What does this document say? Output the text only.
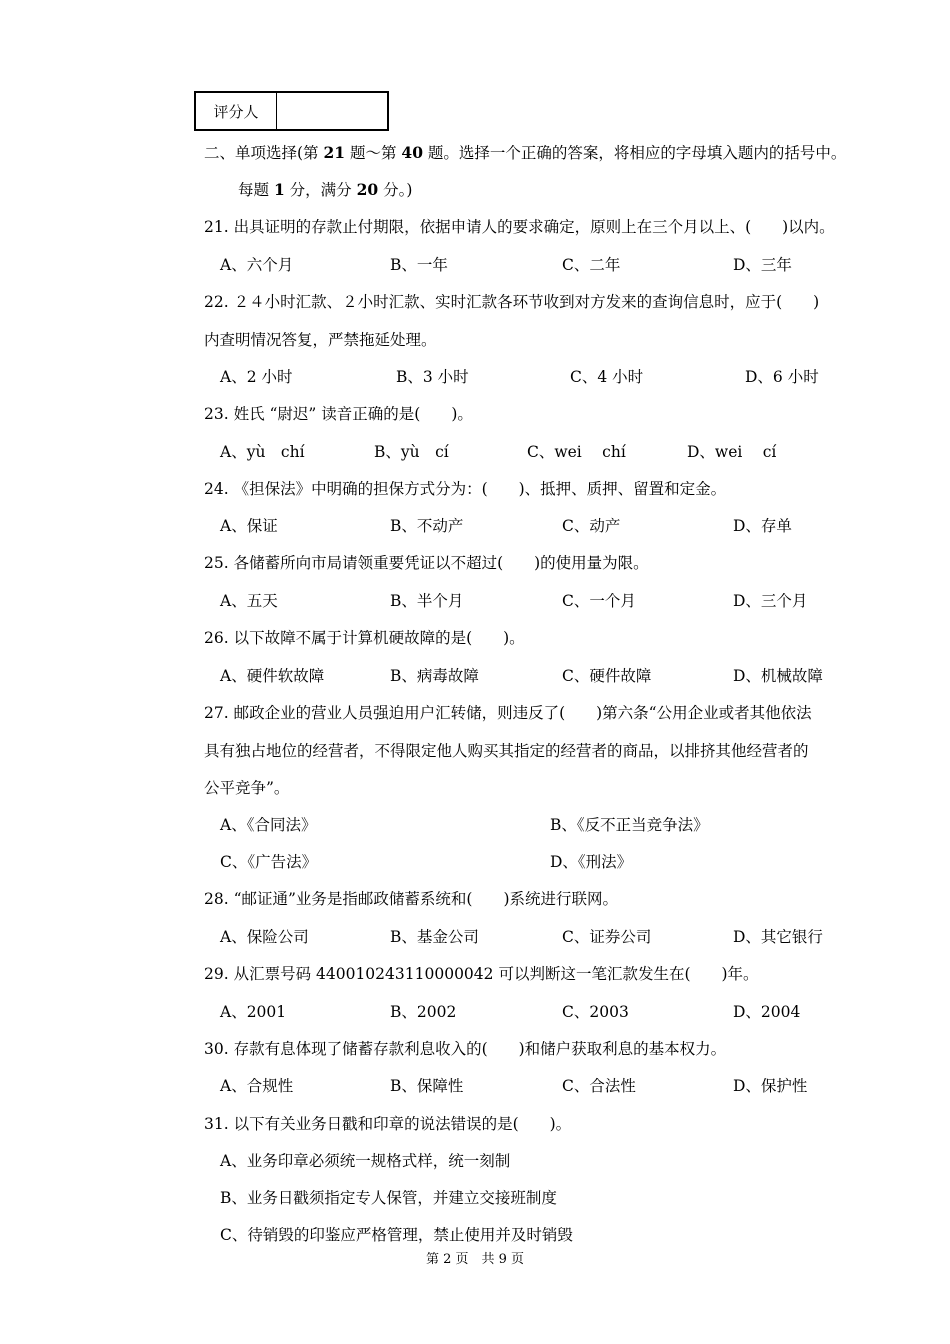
评分人
二、单项选择(第 21 题～第 40 题。选择一个正确的答案，将相应的字母填入题内的括号中。
每题 1 分，满分 20 分。)
21. 出具证明的存款止付期限，依据申请人的要求确定，原则上在三个月以上、(　　)以内。
A、六个月	B、一年	C、二年	D、三年
22. ２４小时汇款、２小时汇款、实时汇款各环节收到对方发来的查询信息时，应于(　　)
内查明情况答复，严禁拖延处理。
A、2 小时	B、3 小时	C、4 小时	D、6 小时
23. 姓氏 “尉迟” 读音正确的是(　　)。
A、yù　chí	B、yù　cí	C、wei　 chí	D、wei　 cí
24. 《担保法》中明确的担保方式分为：(　　)、抵押、质押、留置和定金。
A、保证	B、不动产	C、动产	D、存单
25. 各储蓄所向市局请领重要凭证以不超过(　　)的使用量为限。
A、五天	B、半个月	C、一个月	D、三个月
26. 以下故障不属于计算机硬故障的是(　　)。
A、硬件软故障	B、病毒故障	C、硬件故障	D、机械故障
27. 邮政企业的营业人员强迫用户汇转储，则违反了(　　)第六条“公用企业或者其他依法
具有独占地位的经营者，不得限定他人购买其指定的经营者的商品，以排挤其他经营者的
公平竞争”。
A、《合同法》	B、《反不正当竞争法》
C、《广告法》	D、《刑法》
28. “邮证通”业务是指邮政储蓄系统和(　　)系统进行联网。
A、保险公司	B、基金公司	C、证券公司	D、其它银行
29. 从汇票号码 440010243110000042 可以判断这一笔汇款发生在(　　)年。
A、2001	B、2002	C、2003	D、2004
30. 存款有息体现了储蓄存款利息收入的(　　)和储户获取利息的基本权力。
A、合规性	B、保障性	C、合法性	D、保护性
31. 以下有关业务日戳和印章的说法错误的是(　　)。
A、业务印章必须统一规格式样，统一刻制
B、业务日戳须指定专人保管，并建立交接班制度
C、待销毁的印鉴应严格管理，禁止使用并及时销毁
第 2 页　共 9 页
